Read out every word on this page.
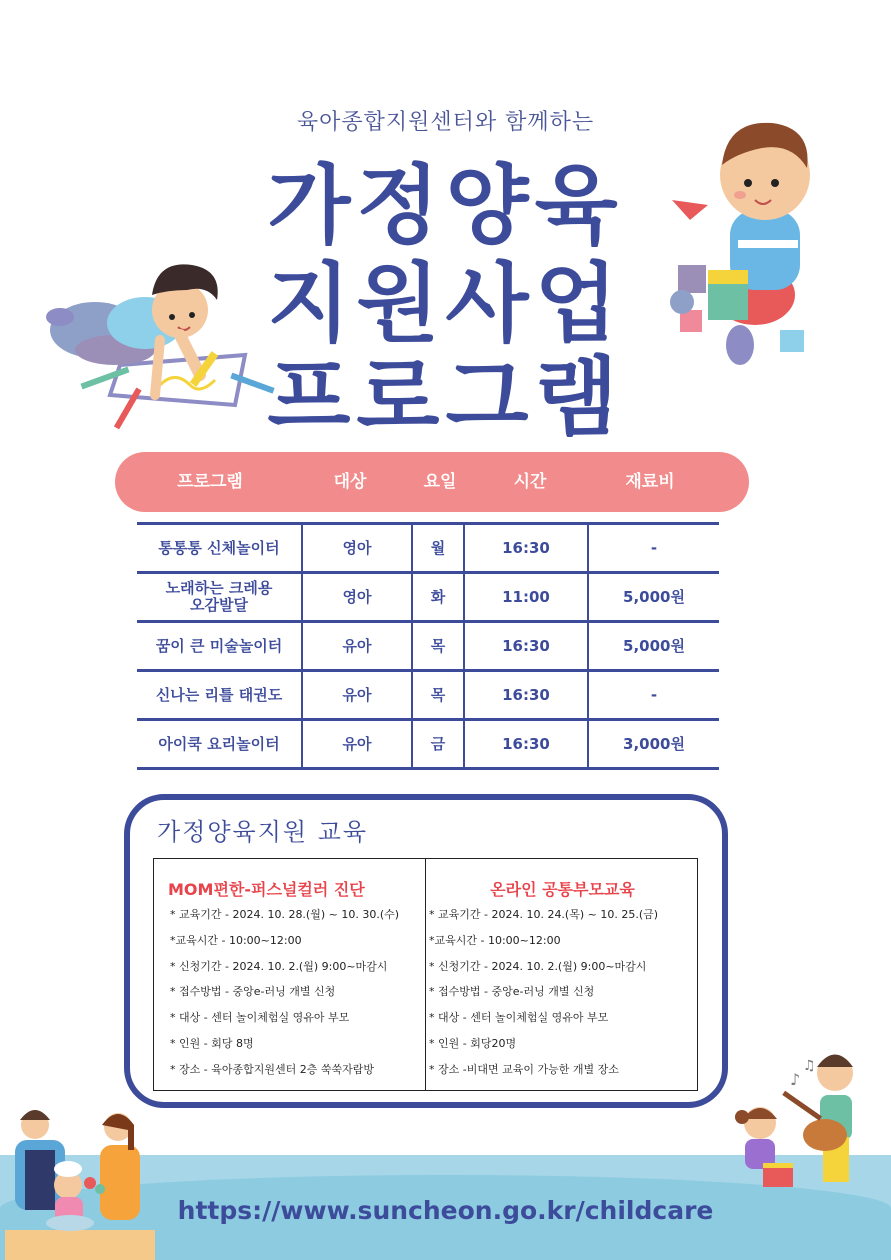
육아종합지원센터와 함께하는
가정양육
지원사업
프로그램
프로그램	대상	요일	시간	재료비
통통통 신체놀이터	영아	월	16:30	-
노래하는 크레용
오감발달	영아	화	11:00	5,000원
꿈이 큰 미술놀이터	유아	목	16:30	5,000원
신나는 리틀 태권도	유아	목	16:30	-
아이쿡 요리놀이터	유아	금	16:30	3,000원
가정양육지원 교육
MOM편한-퍼스널컬러 진단
* 교육기간 - 2024. 10. 28.(월) ~ 10. 30.(수)
*교육시간 - 10:00~12:00
* 신청기간 - 2024. 10. 2.(월) 9:00~마감시
* 접수방법 - 중앙e-러닝 개별 신청
* 대상 - 센터 놀이체험실 영유아 부모
* 인원 - 회당 8명
* 장소 - 육아종합지원센터 2층 쑥쑥자람방
온라인 공통부모교육
* 교육기간 - 2024. 10. 24.(목) ~ 10. 25.(금)
*교육시간 - 10:00~12:00
* 신청기간 - 2024. 10. 2.(월) 9:00~마감시
* 접수방법 - 중앙e-러닝 개별 신청
* 대상 - 센터 놀이체험실 영유아 부모
* 인원 - 회당20명
* 장소 -비대면 교육이 가능한 개별 장소
♪
♫
https://www.suncheon.go.kr/childcare
